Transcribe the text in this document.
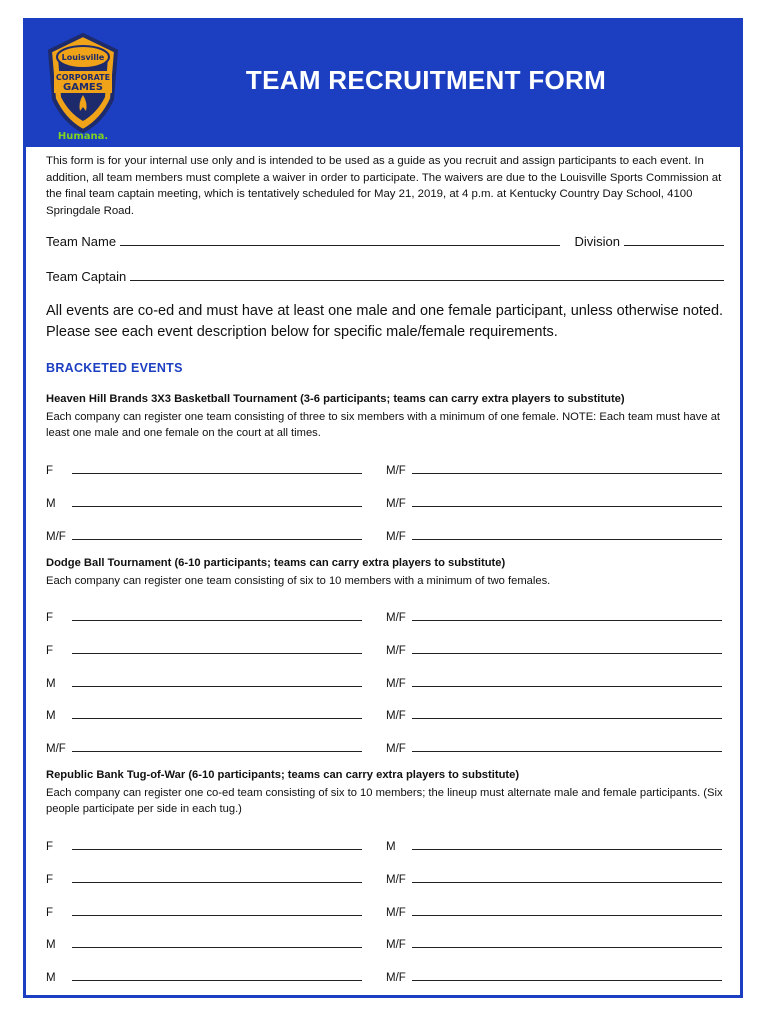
Louisville
CORPORATE
GAMES
Humana.
TEAM RECRUITMENT FORM
This form is for your internal use only and is intended to be used as a guide as you recruit and assign participants to each event. In addition, all team members must complete a waiver in order to participate. The waivers are due to the Louisville Sports Commission at the final team captain meeting, which is tentatively scheduled for May 21, 2019, at 4 p.m. at Kentucky Country Day School, 4100 Springdale Road.
Team Name	Division
Team Captain
All events are co-ed and must have at least one male and one female participant, unless otherwise noted. Please see each event description below for specific male/female requirements.
BRACKETED EVENTS
Heaven Hill Brands 3X3 Basketball Tournament (3-6 participants; teams can carry extra players to substitute)
Each company can register one team consisting of three to six members with a minimum of one female. NOTE: Each team must have at least one male and one female on the court at all times.
F
M
M/F
M/F
M/F
M/F
Dodge Ball Tournament (6-10 participants; teams can carry extra players to substitute)
Each company can register one team consisting of six to 10 members with a minimum of two females.
F
F
M
M
M/F
M/F
M/F
M/F
M/F
M/F
Republic Bank Tug-of-War (6-10 participants; teams can carry extra players to substitute)
Each company can register one co-ed team consisting of six to 10 members; the lineup must alternate male and female participants. (Six people participate per side in each tug.)
F
F
F
M
M
M
M/F
M/F
M/F
M/F
